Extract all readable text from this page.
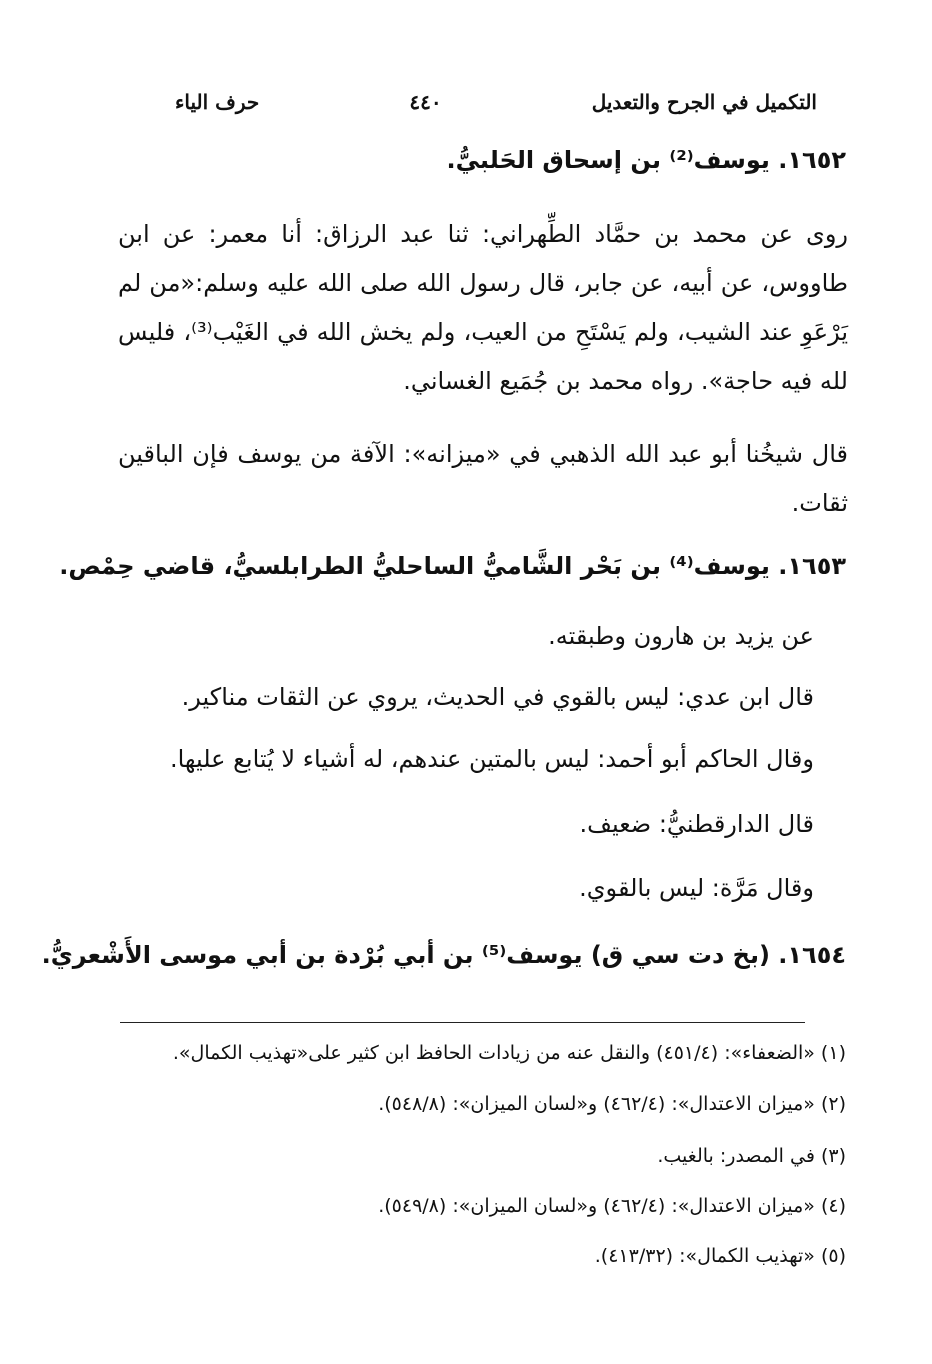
التكميل في الجرح والتعديل
٤٤٠
حرف الياء
١٦٥٢. يوسف⁽²⁾ بن إسحاق الحَلبيُّ.
روى عن محمد بن حمَّاد الطِّهراني: ثنا عبد الرزاق: أنا معمر: عن ابن طاووس، عن أبيه، عن جابر، قال رسول الله صلى الله عليه وسلم:«من لم يَرْعَوِ عند الشيب، ولم يَسْتَحِ من العيب، ولم يخش الله في الغَيْب⁽³⁾، فليس لله فيه حاجة». رواه محمد بن جُمَيع الغساني.
قال شيخُنا أبو عبد الله الذهبي في «ميزانه»: الآفة من يوسف فإن الباقين ثقات.
١٦٥٣. يوسف⁽⁴⁾ بن بَحْر الشَّاميُّ الساحليُّ الطرابلسيُّ، قاضي حِمْص.
عن يزيد بن هارون وطبقته.
قال ابن عدي: ليس بالقوي في الحديث، يروي عن الثقات مناكير.
وقال الحاكم أبو أحمد: ليس بالمتين عندهم، له أشياء لا يُتابع عليها.
قال الدارقطنيُّ: ضعيف.
وقال مَرَّة: ليس بالقوي.
١٦٥٤. (بخ دت سي ق) يوسف⁽⁵⁾ بن أبي بُرْدة بن أبي موسى الأَشْعريُّ.
(١) «الضعفاء»: (٤٥١/٤) والنقل عنه من زيادات الحافظ ابن كثير على«تهذيب الكمال».
(٢) «ميزان الاعتدال»: (٤٦٢/٤) و«لسان الميزان»: (٥٤٨/٨).
(٣) في المصدر: بالغيب.
(٤) «ميزان الاعتدال»: (٤٦٢/٤) و«لسان الميزان»: (٥٤٩/٨).
(٥) «تهذيب الكمال»: (٤١٣/٣٢).
